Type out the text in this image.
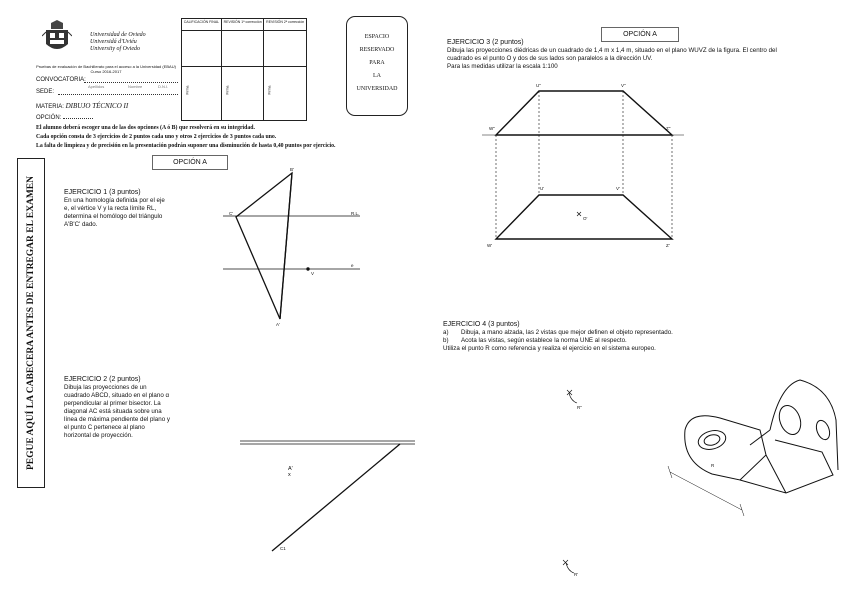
Universidad de Oviedo
Universidá d'Uviéu
University of Oviedo
Pruebas de evaluación de Bachillerato para el acceso a la Universidad (EBAU) Curso 2016-2017
CONVOCATORIA:
Apellidos	Nombre	D.N.I.
SEDE:
MATERIA: DIBUJO TÉCNICO II
OPCIÓN:
CALIFICACIÓN FINAL	REVISIÓN 1ª corrección	REVISIÓN 2ª corrección

Firma	Firma	Firma
ESPACIO
RESERVADO
PARA
LA
UNIVERSIDAD
El alumno deberá escoger una de las dos opciones (A ó B) que resolverá en su integridad.
Cada opción consta de 3 ejercicios de 2 puntos cada uno y otros 2 ejercicios de 3 puntos cada uno.
La falta de limpieza y de precisión en la presentación podrán suponer una disminución de hasta 0,40 puntos por ejercicio.
PEGUE AQUÍ LA CABECERA ANTES DE ENTREGAR EL EXAMEN
OPCIÓN A
OPCIÓN A
EJERCICIO 1 (3 puntos)
En una homología definida por el eje
e, el vértice V y la recta límite RL,
determina el homólogo del triángulo
A'B'C' dado.
EJERCICIO 2 (2 puntos)
Dibuja las proyecciones de un
cuadrado ABCD, situado en el plano α
perpendicular al primer bisector. La
diagonal AC está situada sobre una
línea de máxima pendiente del plano y
el punto C pertenece al plano
horizontal de proyección.
EJERCICIO 3 (2 puntos)
Dibuja las proyecciones diédricas de un cuadrado de 1,4 m x 1,4 m, situado en el plano WUVZ de la figura. El centro del
cuadrado es el punto O y dos de sus lados son paralelos a la dirección UV.
Para las medidas utilizar la escala 1:100
EJERCICIO 4 (3 puntos)
a) Dibuja, a mano alzada, las 2 vistas que mejor definen el objeto representado.
b) Acota las vistas, según establece la norma UNE al respecto.
Utiliza el punto R como referencia y realiza el ejercicio en el sistema europeo.
B'
C'
A'
R.L.
e
V
A' x
C1
U''	V''
W''	Z''
U'	V'
W'	Z'
O'
R''
R'
R
